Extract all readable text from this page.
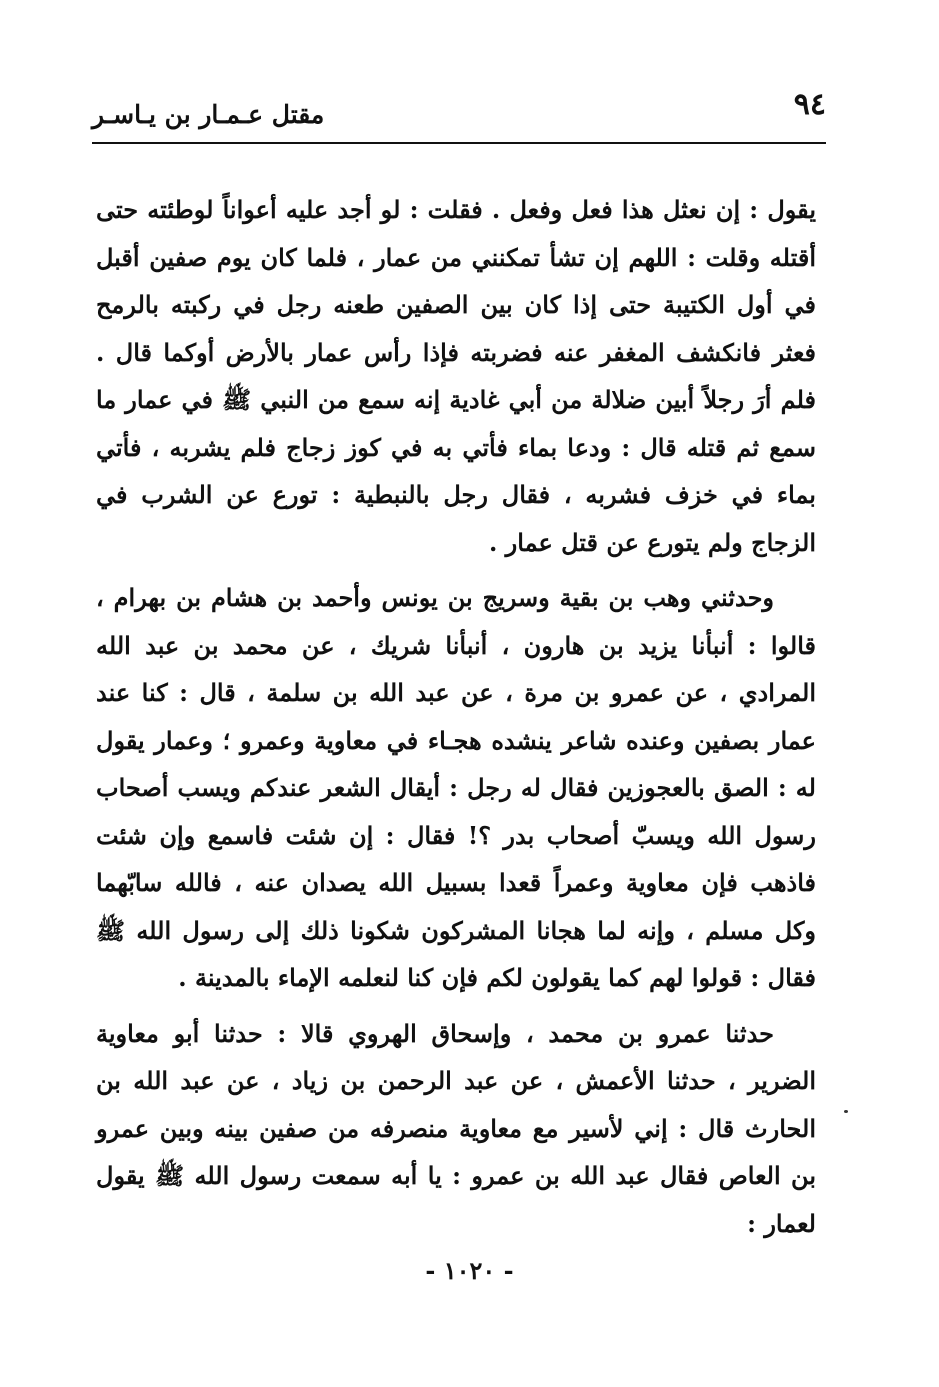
٩٤
مقتل عـمـار بن يـاسـر

يقول : إن نعثل هذا فعل وفعل . فقلت : لو أجد عليه أعواناً لوطئته حتى أقتله وقلت : اللهم إن تشأ تمكنني من عمار ، فلما كان يوم صفين أقبل في أول الكتيبة حتى إذا كان بين الصفين طعنه رجل في ركبته بالرمح فعثر فانكشف المغفر عنه فضربته فإذا رأس عمار بالأرض أوكما قال . فلم أرَ رجلاً أبين ضلالة من أبي غادية إنه سمع من النبي ﷺ في عمار ما سمع ثم قتله قال : ودعا بماء فأتي به في كوز زجاج فلم يشربه ، فأتي بماء في خزف فشربه ، فقال رجل بالنبطية : تورع عن الشرب في الزجاج ولم يتورع عن قتل عمار .

وحدثني وهب بن بقية وسريج بن يونس وأحمد بن هشام بن بهرام ، قالوا : أنبأنا يزيد بن هارون ، أنبأنا شريك ، عن محمد بن عبد الله المرادي ، عن عمرو بن مرة ، عن عبد الله بن سلمة ، قال : كنا عند عمار بصفين وعنده شاعر ينشده هجـاء في معاوية وعمرو ؛ وعمار يقول له : الصق بالعجوزين فقال له رجل : أيقال الشعر عندكم ويسب أصحاب رسول الله ويسبّ أصحاب بدر ؟! فقال : إن شئت فاسمع وإن شئت فاذهب فإن معاوية وعمراً قعدا بسبيل الله يصدان عنه ، فالله سابّهما وكل مسلم ، وإنه لما هجانا المشركون شكونا ذلك إلى رسول الله ﷺ فقال : قولوا لهم كما يقولون لكم فإن كنا لنعلمه الإماء بالمدينة .

حدثنا عمرو بن محمد ، وإسحاق الهروي قالا : حدثنا أبو معاوية الضرير ، حدثنا الأعمش ، عن عبد الرحمن بن زياد ، عن عبد الله بن الحارث قال : إني لأسير مع معاوية منصرفه من صفين بينه وبين عمرو بن العاص فقال عبد الله بن عمرو : يا أبه سمعت رسول الله ﷺ يقول لعمار :

- ١٠٢٠ -
